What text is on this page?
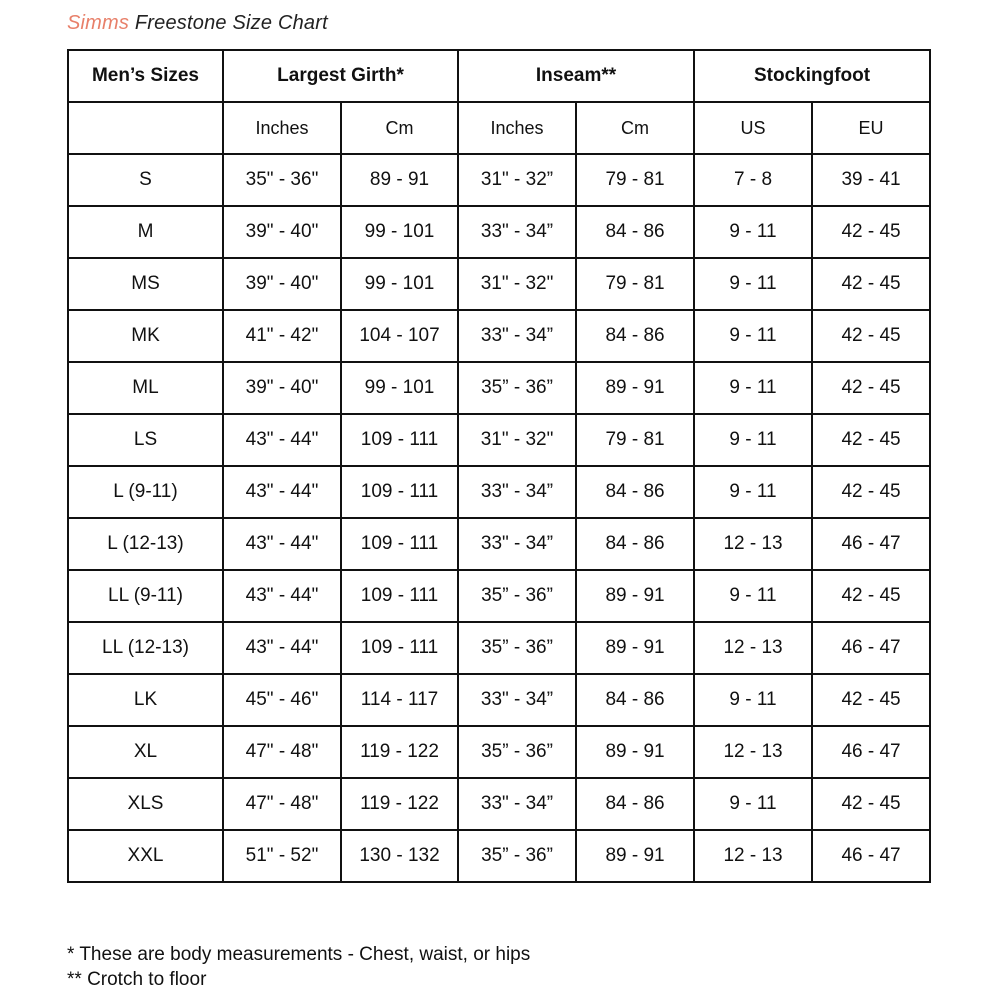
Simms Freestone Size Chart
Men’s Sizes	Largest Girth*		Inseam**		Stockingfoot	
	Inches	Cm	Inches	Cm	US	EU
S	35" - 36"	89 - 91	31" - 32”	79 - 81	7 - 8	39 - 41
M	39" - 40"	99 - 101	33" - 34”	84 - 86	9 - 11	42 - 45
MS	39" - 40"	99 - 101	31" - 32"	79 - 81	9 - 11	42 - 45
MK	41" - 42"	104 - 107	33" - 34”	84 - 86	9 - 11	42 - 45
ML	39" - 40"	99 - 101	35” - 36”	89 - 91	9 - 11	42 - 45
LS	43" - 44"	109 - 111	31" - 32"	79 - 81	9 - 11	42 - 45
L (9-11)	43" - 44"	109 - 111	33" - 34”	84 - 86	9 - 11	42 - 45
L (12-13)	43" - 44"	109 - 111	33" - 34”	84 - 86	12 - 13	46 - 47
LL (9-11)	43" - 44"	109 - 111	35” - 36”	89 - 91	9 - 11	42 - 45
LL (12-13)	43" - 44"	109 - 111	35” - 36”	89 - 91	12 - 13	46 - 47
LK	45" - 46"	114 - 117	33" - 34”	84 - 86	9 - 11	42 - 45
XL	47" - 48"	119 - 122	35” - 36”	89 - 91	12 - 13	46 - 47
XLS	47" - 48"	119 - 122	33" - 34”	84 - 86	9 - 11	42 - 45
XXL	51" - 52"	130 - 132	35” - 36”	89 - 91	12 - 13	46 - 47
* These are body measurements - Chest, waist, or hips
** Crotch to floor
